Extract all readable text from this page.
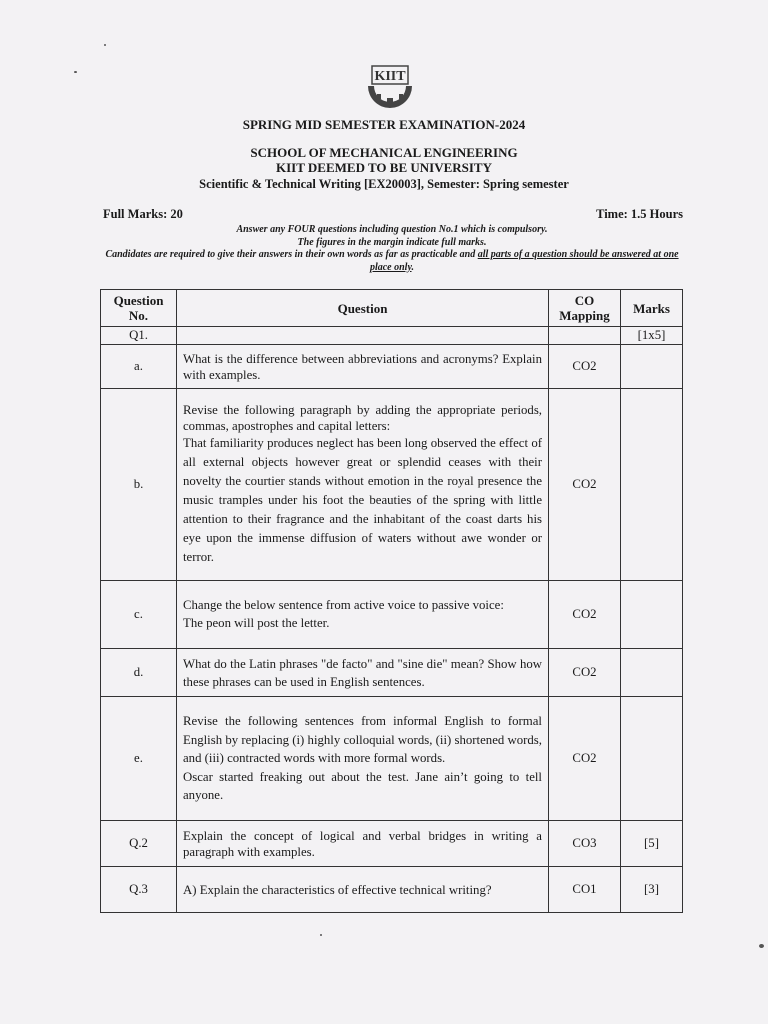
KIIT
SPRING MID SEMESTER EXAMINATION-2024
SCHOOL OF MECHANICAL ENGINEERING
KIIT DEEMED TO BE UNIVERSITY
Scientific & Technical Writing [EX20003], Semester: Spring semester
Full Marks: 20	Time: 1.5 Hours
Answer any FOUR questions including question No.1 which is compulsory.
The figures in the margin indicate full marks.
Candidates are required to give their answers in their own words as far as practicable and all parts of a question should be answered at one place only.
Question No.	Question	CO Mapping	Marks
Q1.			[1x5]
a.	What is the difference between abbreviations and acronyms? Explain with examples.	CO2	
b.	Revise the following paragraph by adding the appropriate periods, commas, apostrophes and capital letters:
That familiarity produces neglect has been long observed the effect of all external objects however great or splendid ceases with their novelty the courtier stands without emotion in the royal presence the music tramples under his foot the beauties of the spring with little attention to their fragrance and the inhabitant of the coast darts his eye upon the immense diffusion of waters without awe wonder or terror.	CO2	
c.	Change the below sentence from active voice to passive voice:
The peon will post the letter.	CO2	
d.	What do the Latin phrases "de facto" and "sine die" mean? Show how these phrases can be used in English sentences.	CO2	
e.	Revise the following sentences from informal English to formal English by replacing (i) highly colloquial words, (ii) shortened words, and (iii) contracted words with more formal words.
Oscar started freaking out about the test. Jane ain’t going to tell anyone.	CO2	
Q.2	Explain the concept of logical and verbal bridges in writing a paragraph with examples.	CO3	[5]
Q.3	A) Explain the characteristics of effective technical writing?	CO1	[3]
